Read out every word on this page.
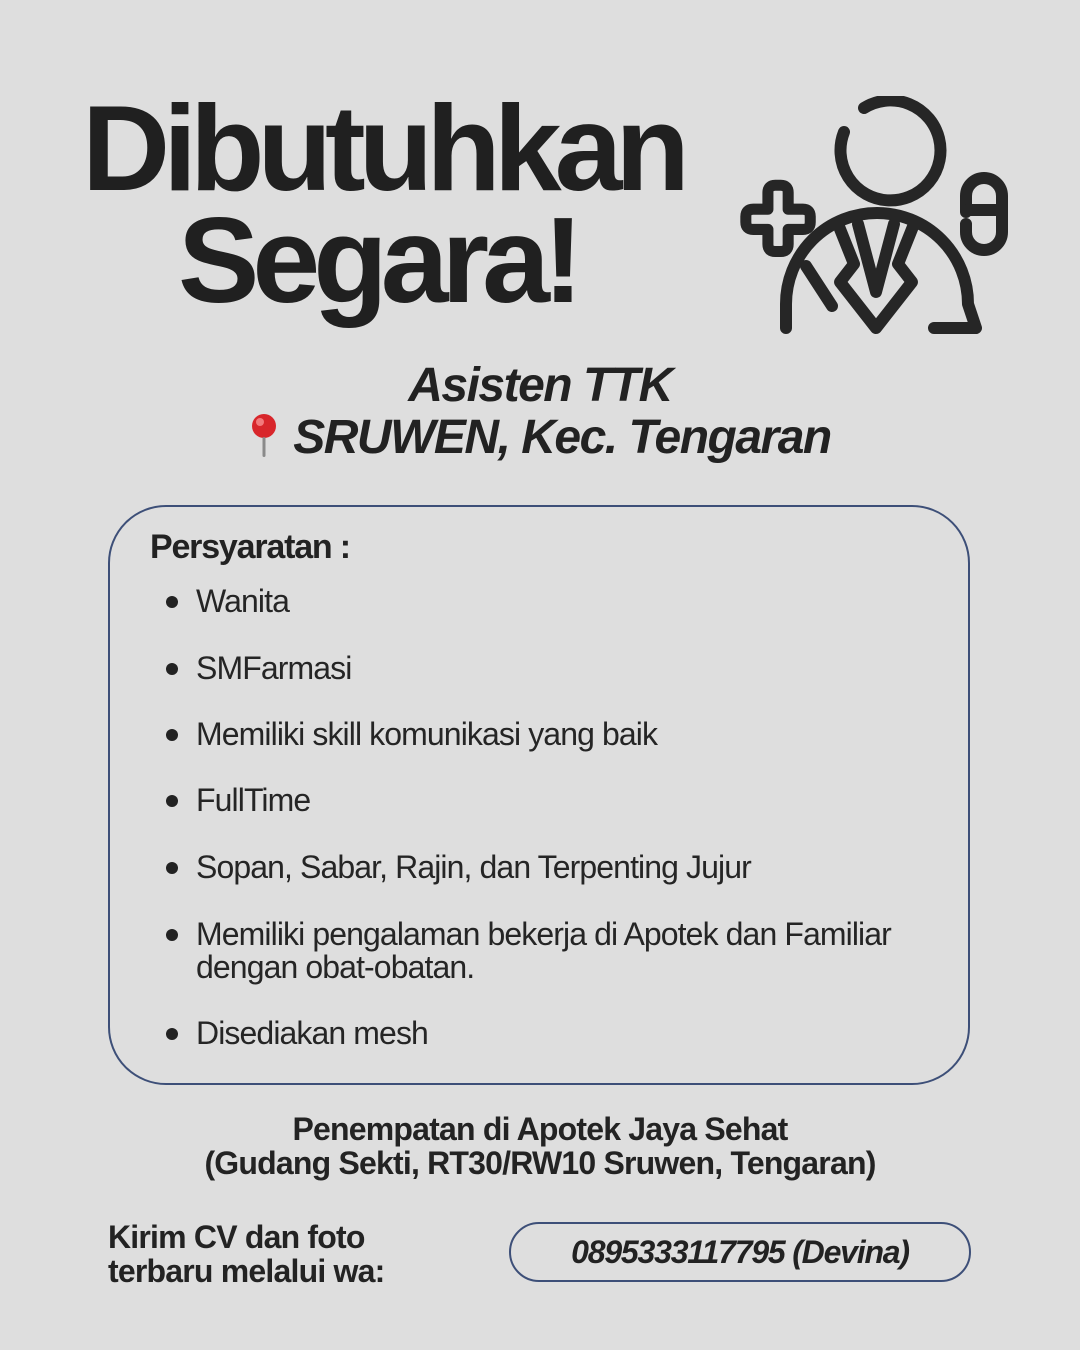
Dibutuhkan
Segara!
Asisten TTK
SRUWEN, Kec. Tengaran
Persyaratan :
Wanita
SMFarmasi
Memiliki skill komunikasi yang baik
FullTime
Sopan, Sabar, Rajin, dan Terpenting Jujur
Memiliki pengalaman bekerja di Apotek dan Familiar dengan obat-obatan.
Disediakan mesh
Penempatan di Apotek Jaya Sehat
(Gudang Sekti, RT30/RW10 Sruwen, Tengaran)
Kirim CV dan foto
terbaru melalui wa:
0895333117795 (Devina)
